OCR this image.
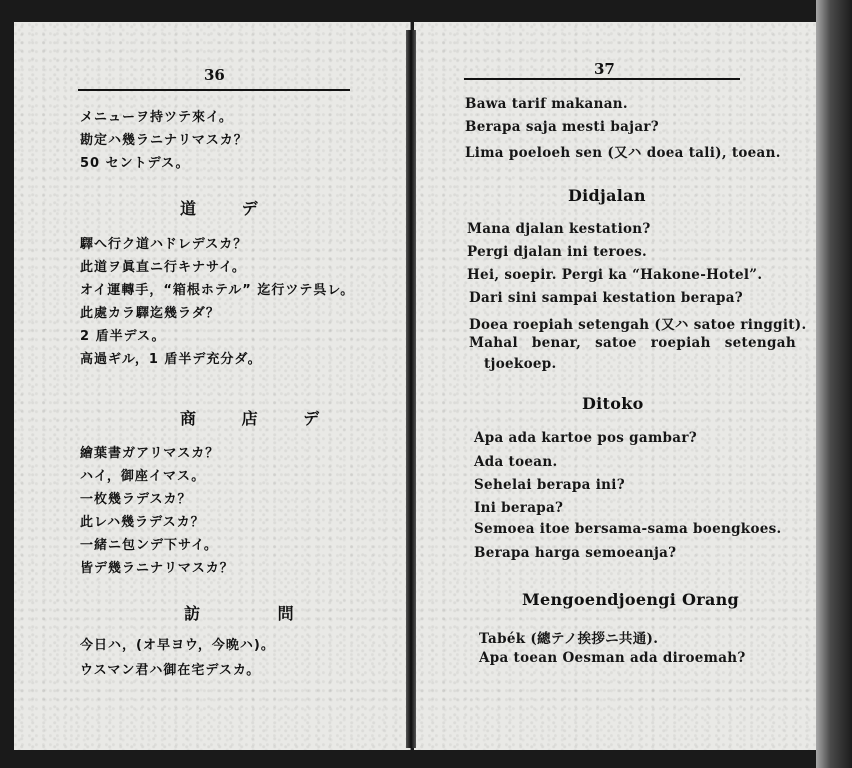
36
メニューヲ持ツテ來イ。
勘定ハ幾ラニナリマスカ？
50 セントデス。
道 デ
驛へ行ク道ハドレデスカ？
此道ヲ眞直ニ行キナサイ。
オイ運轉手，“箱根ホテル” 迄行ツテ呉レ。
此處カラ驛迄幾ラダ？
2 盾半デス。
高過ギル，1 盾半デ充分ダ。
商 店 デ
繪葉書ガアリマスカ？
ハイ，御座イマス。
一枚幾ラデスカ？
此レハ幾ラデスカ？
一緒ニ包ンデ下サイ。
皆デ幾ラニナリマスカ？
訪 問
今日ハ，(オ早ヨウ，今晩ハ)。
ウスマン君ハ御在宅デスカ。
37
Bawa tarif makanan.
Berapa saja mesti bajar?
Lima poeloeh sen (又ハ doea tali), toean.
Didjalan
Mana djalan kestation?
Pergi djalan ini teroes.
Hei, soepir. Pergi ka “Hakone-Hotel”.
Dari sini sampai kestation berapa?
Doea roepiah setengah (又ハ satoe ringgit).
Mahal benar, satoe roepiah setengah
tjoekoep.
Ditoko
Apa ada kartoe pos gambar?
Ada toean.
Sehelai berapa ini?
Ini berapa?
Semoea itoe bersama-sama boengkoes.
Berapa harga semoeanja?
Mengoendjoengi Orang
Tabék (總テノ挨拶ニ共通).
Apa toean Oesman ada diroemah?
